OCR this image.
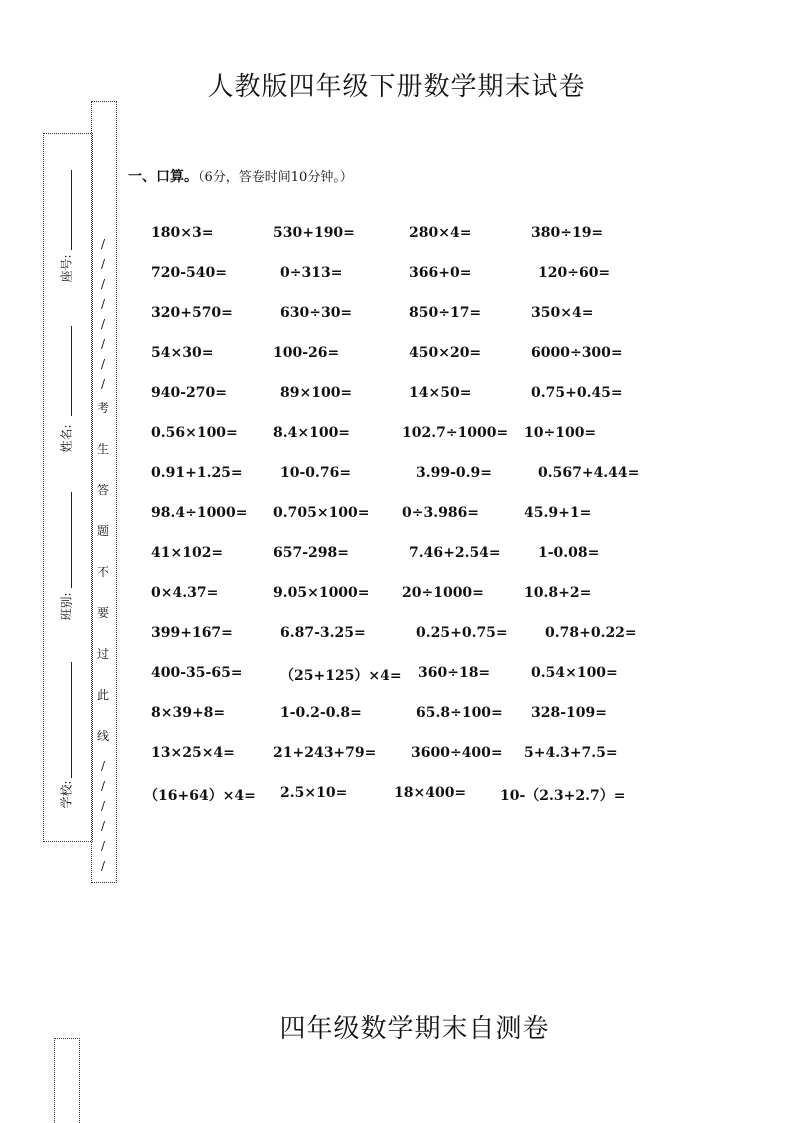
人教版四年级下册数学期末试卷
座号:
姓名:
班别:
学校:
/
/
/
/
/
/
/
/
考
生
答
题
不
要
过
此
线
/
/
/
/
/
/
一、口算。（6分，答卷时间10分钟。）
180×3=	530+190=	280×4=	380÷19=
720-540=	0÷313=	366+0=	120÷60=
320+570=	630÷30=	850÷17=	350×4=
54×30=	100-26=	450×20=	6000÷300=
940-270=	89×100=	14×50=	0.75+0.45=
0.56×100=	8.4×100=	102.7÷1000= 10÷100=
0.91+1.25=	10-0.76=	3.99-0.9=	0.567+4.44=
98.4÷1000= 0.705×100= 0÷3.986=	45.9+1=
41×102=	657-298=	7.46+2.54=	1-0.08=
0×4.37=	9.05×1000= 20÷1000=	10.8+2=
399+167=	6.87-3.25=	0.25+0.75=	0.78+0.22=
400-35-65=	（25+125）×4= 360÷18=	0.54×100=
8×39+8=	1-0.2-0.8=	65.8÷100= 328-109=
13×25×4=	21+243+79= 3600÷400= 5+4.3+7.5=
（16+64）×4= 2.5×10=	18×400= 10-（2.3+2.7）=
四年级数学期末自测卷
